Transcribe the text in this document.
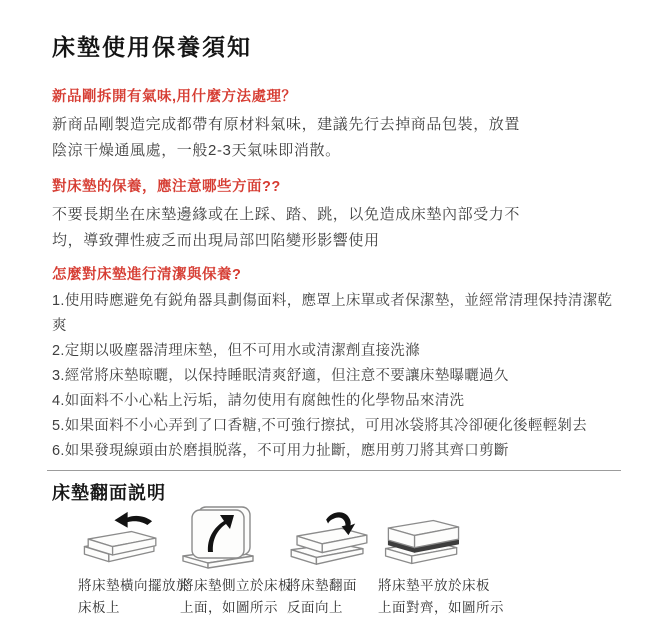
床墊使用保養須知
新品剛拆開有氣味,用什麼方法處理？

新商品剛製造完成都帶有原材料氣味，建議先行去掉商品包裝，放置

陰涼干燥通風處，一般2-3天氣味即消散。

對床墊的保養，應注意哪些方面??

不要長期坐在床墊邊緣或在上踩、踏、跳，以免造成床墊內部受力不

均，導致彈性疲乏而出現局部凹陷變形影響使用

怎麼對床墊進行清潔與保養?
1.使用時應避免有鋭角器具劃傷面料，應罩上床單或者保潔墊，並經常清理保持清潔乾爽
2.定期以吸塵器清理床墊，但不可用水或清潔劑直接洗滌
3.經常將床墊晾曬，以保持睡眠清爽舒適，但注意不要讓床墊曝曬過久
4.如面料不小心粘上污垢，請勿使用有腐蝕性的化學物品來清洗
5.如果面料不小心弄到了口香糖,不可強行擦拭，可用冰袋將其冷卻硬化後輕輕剝去
6.如果發現線頭由於磨損脱落，不可用力扯斷，應用剪刀將其齊口剪斷
床墊翻面説明
將床墊橫向擺放於
床板上
將床墊側立於床板
上面，如圖所示
將床墊翻面
反面向上
將床墊平放於床板
上面對齊，如圖所示
